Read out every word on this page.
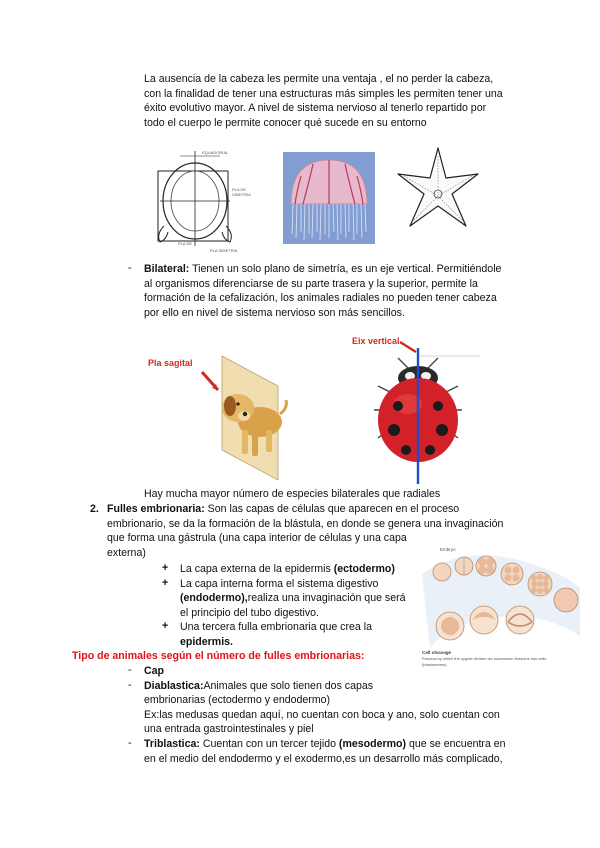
La ausencia de la cabeza les permite una ventaja , el no perder la cabeza,
con la finalidad de tener una estructuras más simples les permiten tener una
éxito evolutivo mayor. A nivel de sistema nervioso al tenerlo repartido por
todo el cuerpo le permite conocer qué sucede en su entorno
EQUADORIAL
PLA DE
SIMETRIA
PLA DE
PLA SIMETRIA
- Bilateral: Tienen un solo plano de simetría, es un eje vertical. Permitiéndole
al organismos diferenciarse de su parte trasera y la superior, permite la
formación de la cefalización, los animales radiales no pueden tener cabeza
por ello en nivel de sistema nervioso son más sencillos.
Pla sagital
Eix vertical
Hay mucha mayor número de especies bilaterales que radiales
2. Fulles embrionaria: Son las capas de células que aparecen en el proceso
embrionario, se da la formación de la blástula, en donde se genera una invaginación
que forma una gástrula (una capa interior de células y una capa
externa)
+ La capa externa de la epidermis (ectodermo)
+ La capa interna forma el sistema digestivo
(endodermo),realiza una invaginación que será
el principio del tubo digestivo.
+ Una tercera fulla embrionaria que crea la
epidermis.
Embryo
Cell cleavage
Process by which the zygote divides via successive divisions into cells
(blastomeres)
Tipo de animales según el número de fulles embrionarias:
- Cap
- Diablastica:Animales que solo tienen dos capas
embrionarias (ectodermo y endodermo)
Ex:las medusas quedan aquí, no cuentan con boca y ano, solo cuentan con
una entrada gastrointestinales y piel
- Triblastica: Cuentan con un tercer tejido (mesodermo) que se encuentra en
en el medio del endodermo y el exodermo,es un desarrollo más complicado,
